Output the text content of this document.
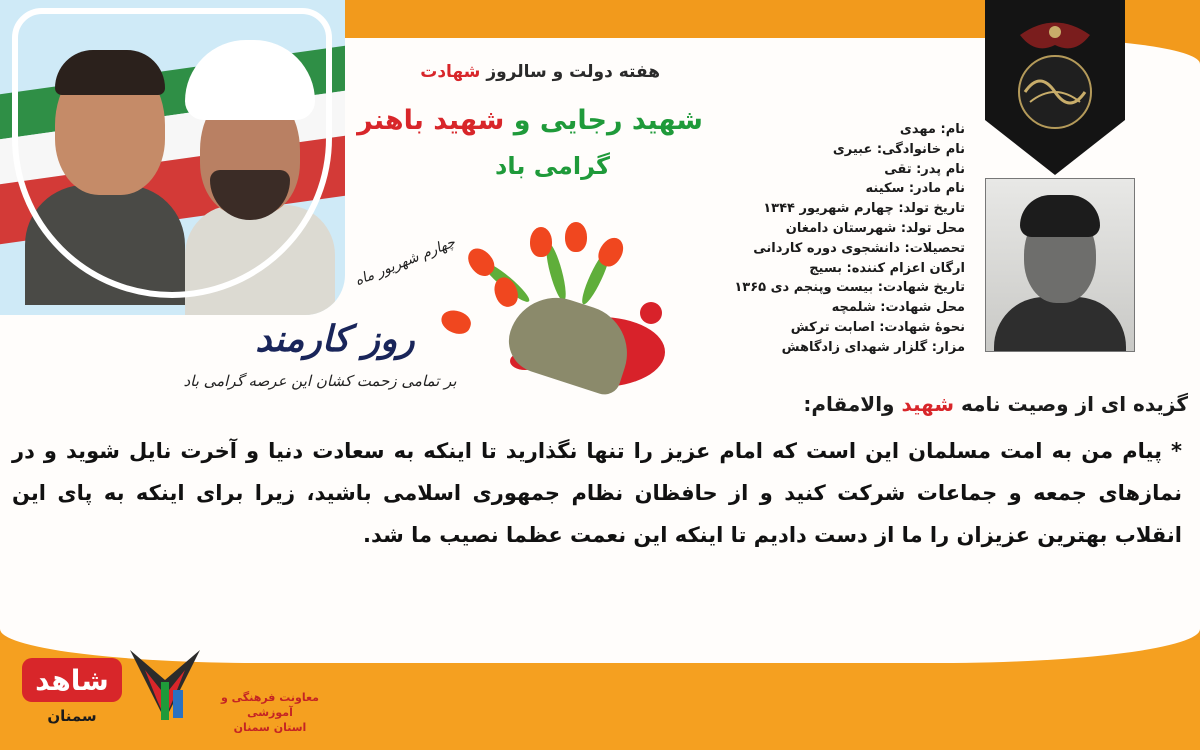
هفته دولت و سالروز شهادت
شهید رجایی و شهید باهنر
گرامی باد
چهارم شهریور ماه
روز کارمند
بر تمامی زحمت کشان این عرصه گرامی باد
نام: مهدی
نام خانوادگی: عبیری
نام پدر: تقی
نام مادر: سکینه
تاریخ تولد: چهارم شهریور ۱۳۴۴
محل تولد: شهرستان دامغان
تحصیلات: دانشجوی دوره کاردانی
ارگان اعزام کننده: بسیج
تاریخ شهادت: بیست وپنجم دی ۱۳۶۵
محل شهادت: شلمچه
نحوهٔ شهادت: اصابت ترکش
مزار: گلزار شهدای زادگاهش
گزیده ای از وصیت نامه شهید والامقام:

* پیام من به امت مسلمان این است که امام عزیز را تنها نگذارید تا اینکه به سعادت دنیا و آخرت نایل شوید و در نمازهای جمعه و جماعات شرکت کنید و از حافظان نظام جمهوری اسلامی باشید، زیرا برای اینکه به پای این انقلاب بهترین عزیزان را ما از دست دادیم تا اینکه این نعمت عظما نصیب ما شد.

شاهد
سمنان
معاونت فرهنگی و آموزشی
استان سمنان
